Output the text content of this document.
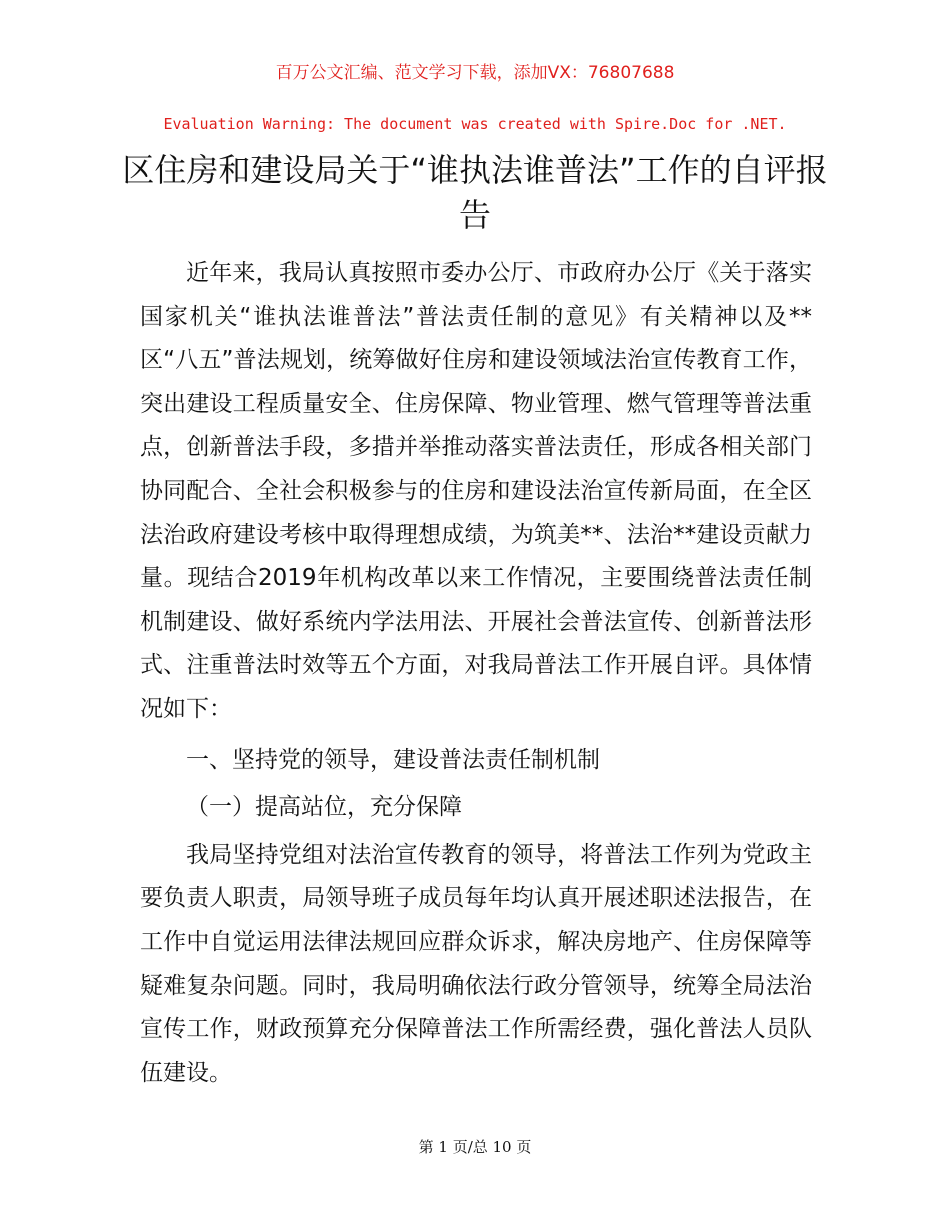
百万公文汇编、范文学习下载，添加VX：76807688
Evaluation Warning: The document was created with Spire.Doc for .NET.
区住房和建设局关于“谁执法谁普法”工作的自评报告

近年来，我局认真按照市委办公厅、市政府办公厅《关于落实国家机关“谁执法谁普法”普法责任制的意见》有关精神以及**区“八五”普法规划，统筹做好住房和建设领域法治宣传教育工作，突出建设工程质量安全、住房保障、物业管理、燃气管理等普法重点，创新普法手段，多措并举推动落实普法责任，形成各相关部门协同配合、全社会积极参与的住房和建设法治宣传新局面，在全区法治政府建设考核中取得理想成绩，为筑美**、法治**建设贡献力量。现结合2019年机构改革以来工作情况，主要围绕普法责任制机制建设、做好系统内学法用法、开展社会普法宣传、创新普法形式、注重普法时效等五个方面，对我局普法工作开展自评。具体情况如下：

一、坚持党的领导，建设普法责任制机制

（一）提高站位，充分保障

我局坚持党组对法治宣传教育的领导，将普法工作列为党政主要负责人职责，局领导班子成员每年均认真开展述职述法报告，在工作中自觉运用法律法规回应群众诉求，解决房地产、住房保障等疑难复杂问题。同时，我局明确依法行政分管领导，统筹全局法治宣传工作，财政预算充分保障普法工作所需经费，强化普法人员队伍建设。

第 1 页/总 10 页
